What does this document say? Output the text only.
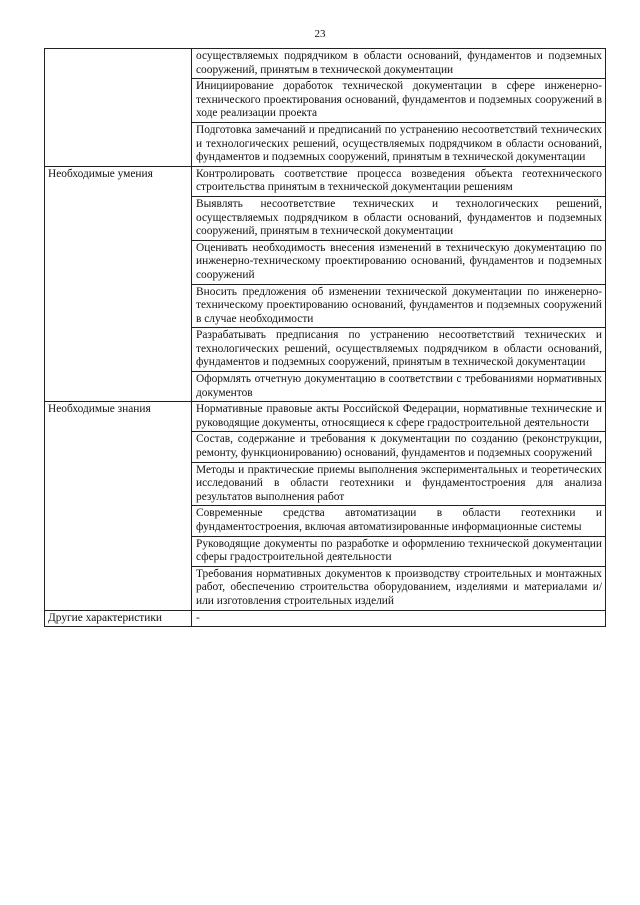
23
	осуществляемых подрядчиком в области оснований, фундаментов и подземных сооружений, принятым в технической документации
	Инициирование доработок технической документации в сфере инженерно-технического проектирования оснований, фундаментов и подземных сооружений в ходе реализации проекта
	Подготовка замечаний и предписаний по устранению несоответствий технических и технологических решений, осуществляемых подрядчиком в области оснований, фундаментов и подземных сооружений, принятым в технической документации
Необходимые умения	Контролировать соответствие процесса возведения объекта геотехнического строительства принятым в технической документации решениям
	Выявлять несоответствие технических и технологических решений, осуществляемых подрядчиком в области оснований, фундаментов и подземных сооружений, принятым в технической документации
	Оценивать необходимость внесения изменений в техническую документацию по инженерно-техническому проектированию оснований, фундаментов и подземных сооружений
	Вносить предложения об изменении технической документации по инженерно-техническому проектированию оснований, фундаментов и подземных сооружений в случае необходимости
	Разрабатывать предписания по устранению несоответствий технических и технологических решений, осуществляемых подрядчиком в области оснований, фундаментов и подземных сооружений, принятым в технической документации
	Оформлять отчетную документацию в соответствии с требованиями нормативных документов
Необходимые знания	Нормативные правовые акты Российской Федерации, нормативные технические и руководящие документы, относящиеся к сфере градостроительной деятельности
	Состав, содержание и требования к документации по созданию (реконструкции, ремонту, функционированию) оснований, фундаментов и подземных сооружений
	Методы и практические приемы выполнения экспериментальных и теоретических исследований в области геотехники и фундаментостроения для анализа результатов выполнения работ
	Современные средства автоматизации в области геотехники и фундаментостроения, включая автоматизированные информационные системы
	Руководящие документы по разработке и оформлению технической документации сферы градостроительной деятельности
	Требования нормативных документов к производству строительных и монтажных работ, обеспечению строительства оборудованием, изделиями и материалами и/или изготовления строительных изделий
Другие характеристики	-
